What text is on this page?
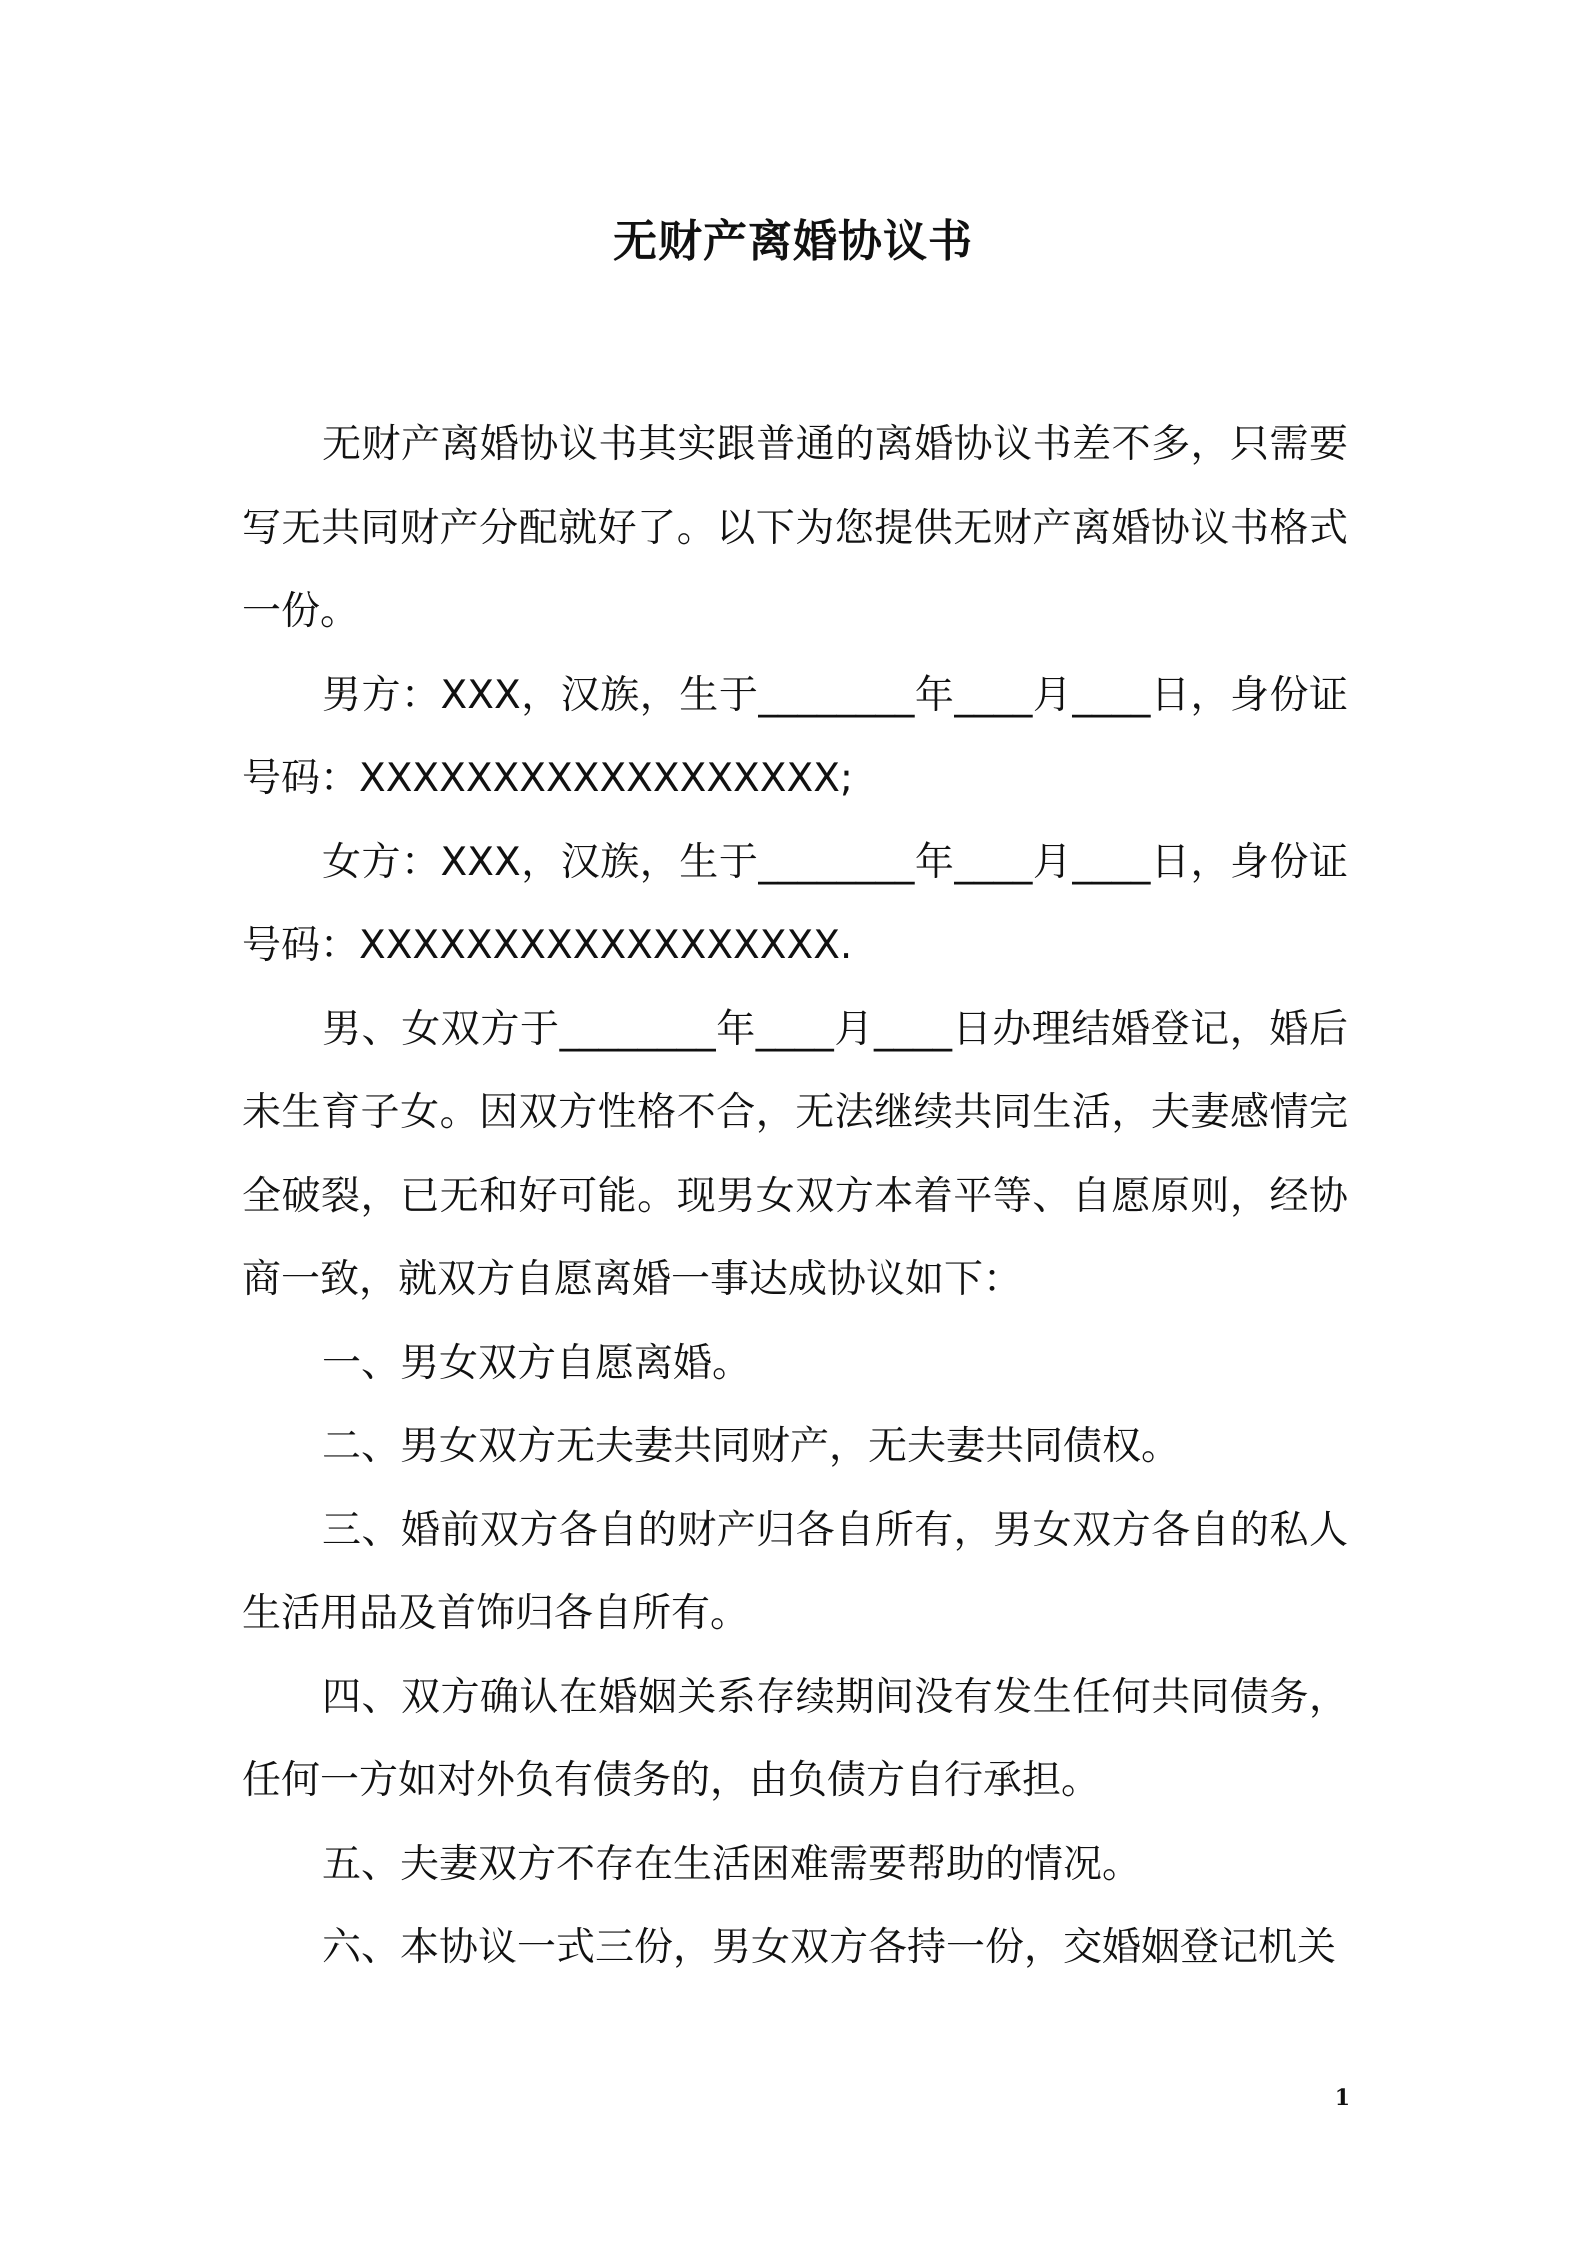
无财产离婚协议书

无财产离婚协议书其实跟普通的离婚协议书差不多，只需要写无共同财产分配就好了。以下为您提供无财产离婚协议书格式一份。

男方：XXX，汉族，生于________年____月____日，身份证号码：XXXXXXXXXXXXXXXXXX;

女方：XXX，汉族，生于________年____月____日，身份证号码：XXXXXXXXXXXXXXXXXX.

男、女双方于________年____月____日办理结婚登记，婚后未生育子女。因双方性格不合，无法继续共同生活，夫妻感情完全破裂，已无和好可能。现男女双方本着平等、自愿原则，经协商一致，就双方自愿离婚一事达成协议如下：

一、男女双方自愿离婚。

二、男女双方无夫妻共同财产，无夫妻共同债权。

三、婚前双方各自的财产归各自所有，男女双方各自的私人生活用品及首饰归各自所有。

四、双方确认在婚姻关系存续期间没有发生任何共同债务，任何一方如对外负有债务的，由负债方自行承担。

五、夫妻双方不存在生活困难需要帮助的情况。

六、本协议一式三份，男女双方各持一份，交婚姻登记机关

1
